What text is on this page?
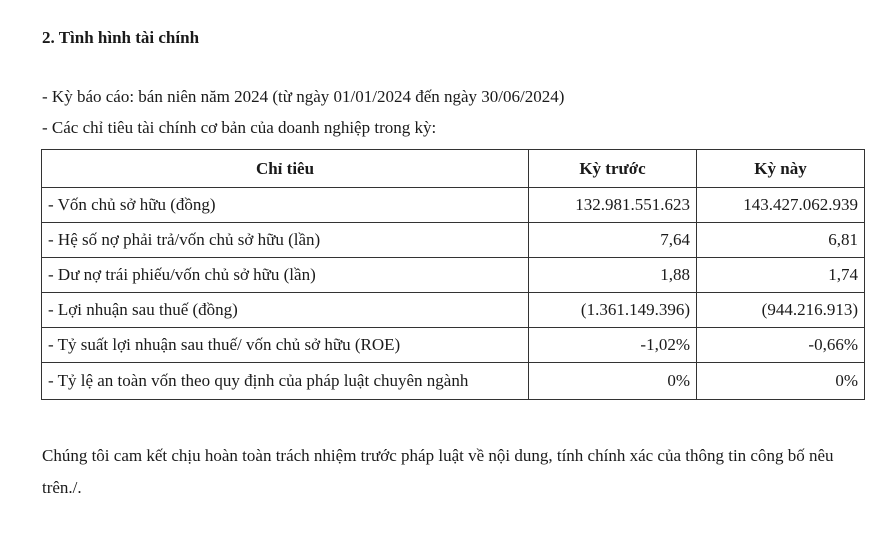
2. Tình hình tài chính
- Kỳ báo cáo: bán niên năm 2024 (từ ngày 01/01/2024 đến ngày 30/06/2024)
- Các chỉ tiêu tài chính cơ bản của doanh nghiệp trong kỳ:
Chỉ tiêu	Kỳ trước	Kỳ này
- Vốn chủ sở hữu (đồng)	132.981.551.623	143.427.062.939
- Hệ số nợ phải trả/vốn chủ sở hữu (lần)	7,64	6,81
- Dư nợ trái phiếu/vốn chủ sở hữu (lần)	1,88	1,74
- Lợi nhuận sau thuế (đồng)	(1.361.149.396)	(944.216.913)
- Tỷ suất lợi nhuận sau thuế/ vốn chủ sở hữu (ROE)	-1,02%	-0,66%
- Tỷ lệ an toàn vốn theo quy định của pháp luật chuyên ngành	0%	0%
Chúng tôi cam kết chịu hoàn toàn trách nhiệm trước pháp luật về nội dung, tính chính xác của thông tin công bố nêu trên./.
